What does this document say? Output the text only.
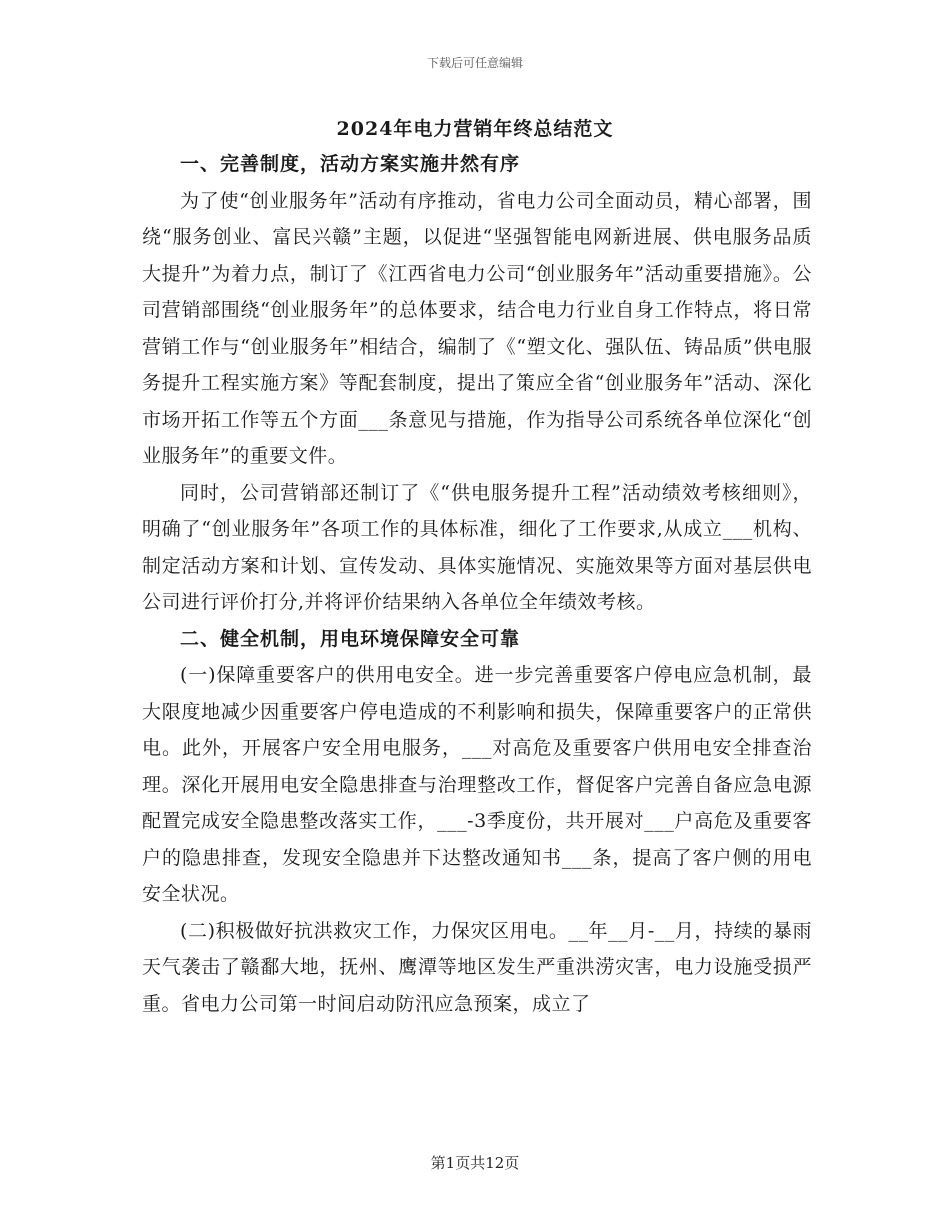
下载后可任意编辑
2024年电力营销年终总结范文
一、完善制度，活动方案实施井然有序

为了使“创业服务年”活动有序推动，省电力公司全面动员，精心部署，围绕“服务创业、富民兴赣”主题，以促进“坚强智能电网新进展、供电服务品质大提升”为着力点，制订了《江西省电力公司“创业服务年”活动重要措施》。公司营销部围绕“创业服务年”的总体要求，结合电力行业自身工作特点，将日常营销工作与“创业服务年”相结合，编制了《“塑文化、强队伍、铸品质”供电服务提升工程实施方案》等配套制度，提出了策应全省“创业服务年”活动、深化市场开拓工作等五个方面___条意见与措施，作为指导公司系统各单位深化“创业服务年”的重要文件。

同时，公司营销部还制订了《“供电服务提升工程”活动绩效考核细则》，明确了“创业服务年”各项工作的具体标准，细化了工作要求,从成立___机构、制定活动方案和计划、宣传发动、具体实施情况、实施效果等方面对基层供电公司进行评价打分,并将评价结果纳入各单位全年绩效考核。

二、健全机制，用电环境保障安全可靠

(一)保障重要客户的供用电安全。进一步完善重要客户停电应急机制，最大限度地减少因重要客户停电造成的不利影响和损失，保障重要客户的正常供电。此外，开展客户安全用电服务，___对高危及重要客户供用电安全排查治理。深化开展用电安全隐患排查与治理整改工作，督促客户完善自备应急电源配置完成安全隐患整改落实工作，___-3季度份，共开展对___户高危及重要客户的隐患排查，发现安全隐患并下达整改通知书___条，提高了客户侧的用电安全状况。

(二)积极做好抗洪救灾工作，力保灾区用电。__年__月-__月，持续的暴雨天气袭击了赣鄱大地，抚州、鹰潭等地区发生严重洪涝灾害，电力设施受损严重。省电力公司第一时间启动防汛应急预案，成立了

第1页共12页
